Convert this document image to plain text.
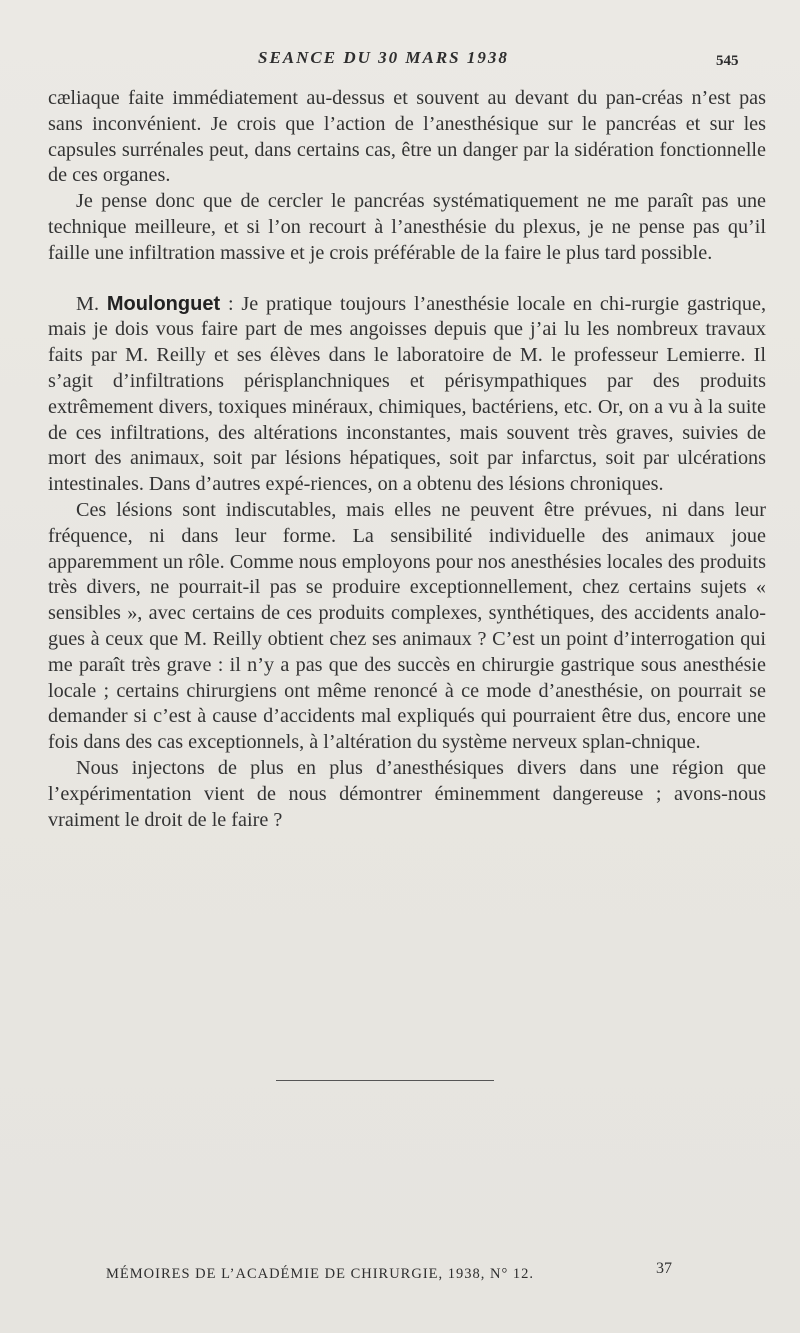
SEANCE DU 30 MARS 1938	545

cæliaque faite immédiatement au-dessus et souvent au devant du pan-créas n’est pas sans inconvénient. Je crois que l’action de l’anesthésique sur le pancréas et sur les capsules surrénales peut, dans certains cas, être un danger par la sidération fonctionnelle de ces organes.

Je pense donc que de cercler le pancréas systématiquement ne me paraît pas une technique meilleure, et si l’on recourt à l’anesthésie du plexus, je ne pense pas qu’il faille une infiltration massive et je crois préférable de la faire le plus tard possible.

M. Moulonguet : Je pratique toujours l’anesthésie locale en chi-rurgie gastrique, mais je dois vous faire part de mes angoisses depuis que j’ai lu les nombreux travaux faits par M. Reilly et ses élèves dans le laboratoire de M. le professeur Lemierre. Il s’agit d’infiltrations périsplanchniques et périsympathiques par des produits extrêmement divers, toxiques minéraux, chimiques, bactériens, etc. Or, on a vu à la suite de ces infiltrations, des altérations inconstantes, mais souvent très graves, suivies de mort des animaux, soit par lésions hépatiques, soit par infarctus, soit par ulcérations intestinales. Dans d’autres expé-riences, on a obtenu des lésions chroniques.

Ces lésions sont indiscutables, mais elles ne peuvent être prévues, ni dans leur fréquence, ni dans leur forme. La sensibilité individuelle des animaux joue apparemment un rôle. Comme nous employons pour nos anesthésies locales des produits très divers, ne pourrait-il pas se produire exceptionnellement, chez certains sujets « sensibles », avec certains de ces produits complexes, synthétiques, des accidents analo-gues à ceux que M. Reilly obtient chez ses animaux ? C’est un point d’interrogation qui me paraît très grave : il n’y a pas que des succès en chirurgie gastrique sous anesthésie locale ; certains chirurgiens ont même renoncé à ce mode d’anesthésie, on pourrait se demander si c’est à cause d’accidents mal expliqués qui pourraient être dus, encore une fois dans des cas exceptionnels, à l’altération du système nerveux splan-chnique.

Nous injectons de plus en plus d’anesthésiques divers dans une région que l’expérimentation vient de nous démontrer éminemment dangereuse ; avons-nous vraiment le droit de le faire ?

MÉMOIRES DE L’ACADÉMIE DE CHIRURGIE, 1938, N° 12.	37
